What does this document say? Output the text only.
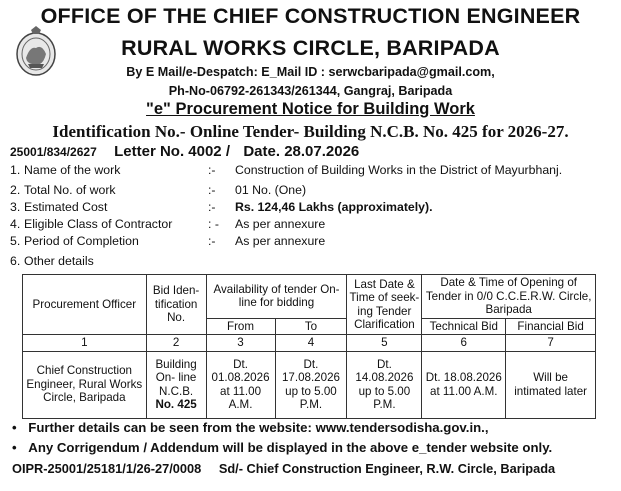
OFFICE OF THE CHIEF CONSTRUCTION ENGINEER
RURAL WORKS CIRCLE, BARIPADA
By E Mail/e-Despatch: E_Mail ID : serwcbaripada@gmail.com,
Ph-No-06792-261343/261344, Gangraj, Baripada
"e" Procurement Notice for Building Work
Identification No.- Online Tender- Building N.C.B. No. 425 for 2026-27.
25001/834/2627 Letter No. 4002 / Date. 28.07.2026
1. Name of the work	:- Construction of Building Works in the District of Mayurbhanj.
2. Total No. of work	:- 01 No. (One)
3. Estimated Cost	:- Rs. 124,46 Lakhs (approximately).
4. Eligible Class of Contractor	: - As per annexure
5. Period of Completion	:- As per annexure
6. Other details
Procurement Officer	Bid Iden-tification No.	Availability of tender On-line for bidding		Last Date & Time of seek-ing Tender Clarification	Date & Time of Opening of Tender in 0/0 C.C.E.R.W. Circle, Baripada	
		From	To		Technical Bid	Financial Bid
1	2	3	4	5	6	7
Chief Construction Engineer, Rural Works Circle, Baripada	Building On- line N.C.B. No. 425	Dt. 01.08.2026 at 11.00 A.M.	Dt. 17.08.2026 up to 5.00 P.M.	Dt. 14.08.2026 up to 5.00 P.M.	Dt. 18.08.2026 at 11.00 A.M.	Will be intimated later
• Further details can be seen from the website: www.tendersodisha.gov.in.,
• Any Corrigendum / Addendum will be displayed in the above e_tender website only.
OIPR-25001/25181/1/26-27/0008 Sd/- Chief Construction Engineer, R.W. Circle, Baripada
